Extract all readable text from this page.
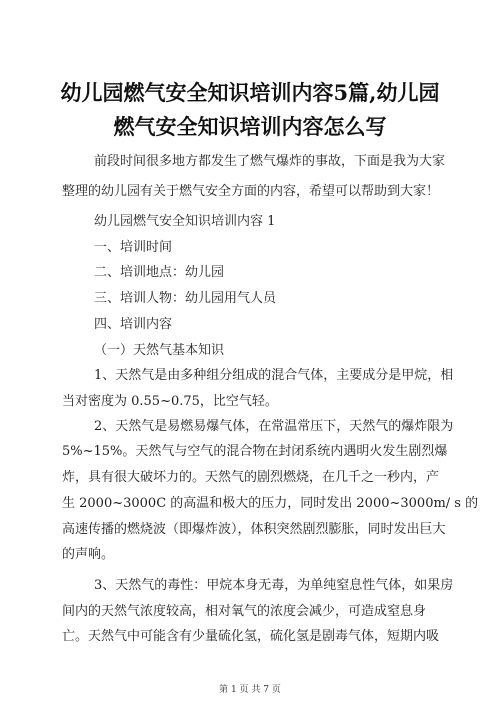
幼儿园燃气安全知识培训内容5篇,幼儿园
燃气安全知识培训内容怎么写
前段时间很多地方都发生了燃气爆炸的事故，下面是我为大家
整理的幼儿园有关于燃气安全方面的内容，希望可以帮助到大家！
幼儿园燃气安全知识培训内容 1
一、培训时间
二、培训地点：幼儿园
三、培训人物：幼儿园用气人员
四、培训内容
（一）天然气基本知识
1、天然气是由多种组分组成的混合气体，主要成分是甲烷，相
当对密度为 0.55~0.75，比空气轻。
2、天然气是易燃易爆气体，在常温常压下，天然气的爆炸限为
5%~15%。天然气与空气的混合物在封闭系统内遇明火发生剧烈爆
炸，具有很大破坏力的。天然气的剧烈燃烧，在几千之一秒内，产
生 2000~3000C 的高温和极大的压力，同时发出 2000~3000m/ s 的
高速传播的燃烧波（即爆炸波），体积突然剧烈膨胀，同时发出巨大
的声响。
3、天然气的毒性：甲烷本身无毒，为单纯窒息性气体，如果房
间内的天然气浓度较高，相对氧气的浓度会减少，可造成窒息身
亡。天然气中可能含有少量硫化氢，硫化氢是剧毒气体，短期内吸
第 1 页 共 7 页
